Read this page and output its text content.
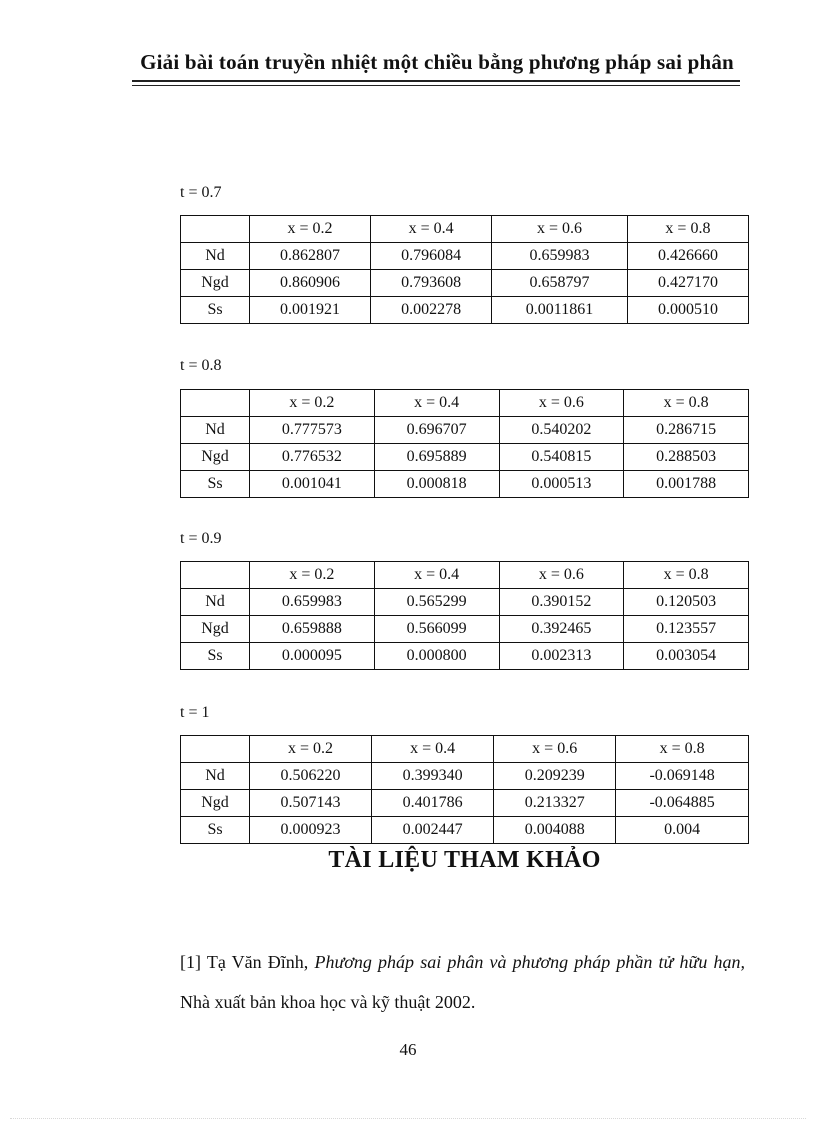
Giải bài toán truyền nhiệt một chiều bằng phương pháp sai phân
t = 0.7
	x = 0.2	x = 0.4	x = 0.6	x = 0.8
Nd	0.862807	0.796084	0.659983	0.426660
Ngd	0.860906	0.793608	0.658797	0.427170
Ss	0.001921	0.002278	0.0011861	0.000510
t = 0.8
	x = 0.2	x = 0.4	x = 0.6	x = 0.8
Nd	0.777573	0.696707	0.540202	0.286715
Ngd	0.776532	0.695889	0.540815	0.288503
Ss	0.001041	0.000818	0.000513	0.001788
t = 0.9
	x = 0.2	x = 0.4	x = 0.6	x = 0.8
Nd	0.659983	0.565299	0.390152	0.120503
Ngd	0.659888	0.566099	0.392465	0.123557
Ss	0.000095	0.000800	0.002313	0.003054
t = 1
	x = 0.2	x = 0.4	x = 0.6	x = 0.8
Nd	0.506220	0.399340	0.209239	-0.069148
Ngd	0.507143	0.401786	0.213327	-0.064885
Ss	0.000923	0.002447	0.004088	0.004
TÀI LIỆU THAM KHẢO
[1] Tạ Văn Đĩnh, Phương pháp sai phân và phương pháp phần tử hữu hạn, Nhà xuất bản khoa học và kỹ thuật 2002.
46
